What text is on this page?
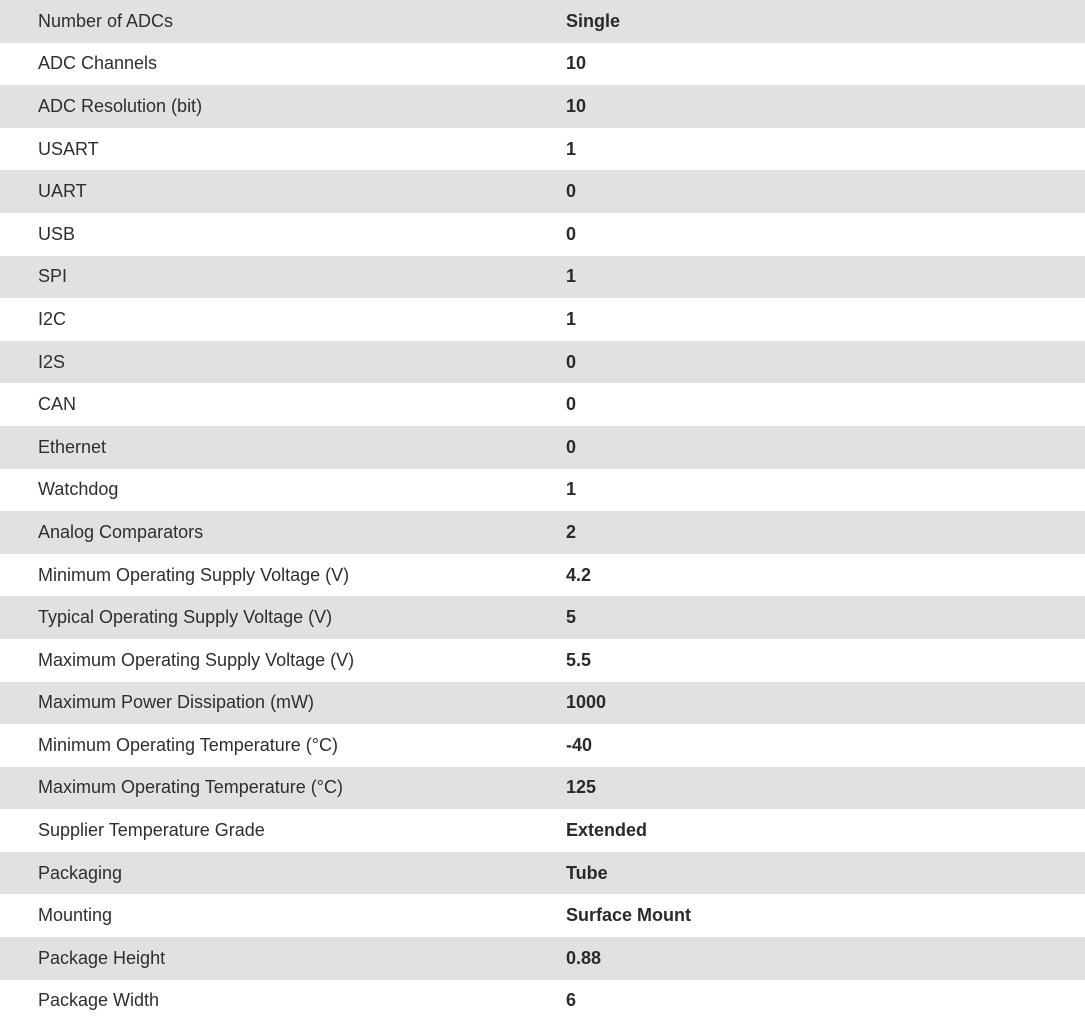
Number of ADCs	Single
ADC Channels	10
ADC Resolution (bit)	10
USART	1
UART	0
USB	0
SPI	1
I2C	1
I2S	0
CAN	0
Ethernet	0
Watchdog	1
Analog Comparators	2
Minimum Operating Supply Voltage (V)	4.2
Typical Operating Supply Voltage (V)	5
Maximum Operating Supply Voltage (V)	5.5
Maximum Power Dissipation (mW)	1000
Minimum Operating Temperature (°C)	-40
Maximum Operating Temperature (°C)	125
Supplier Temperature Grade	Extended
Packaging	Tube
Mounting	Surface Mount
Package Height	0.88
Package Width	6
